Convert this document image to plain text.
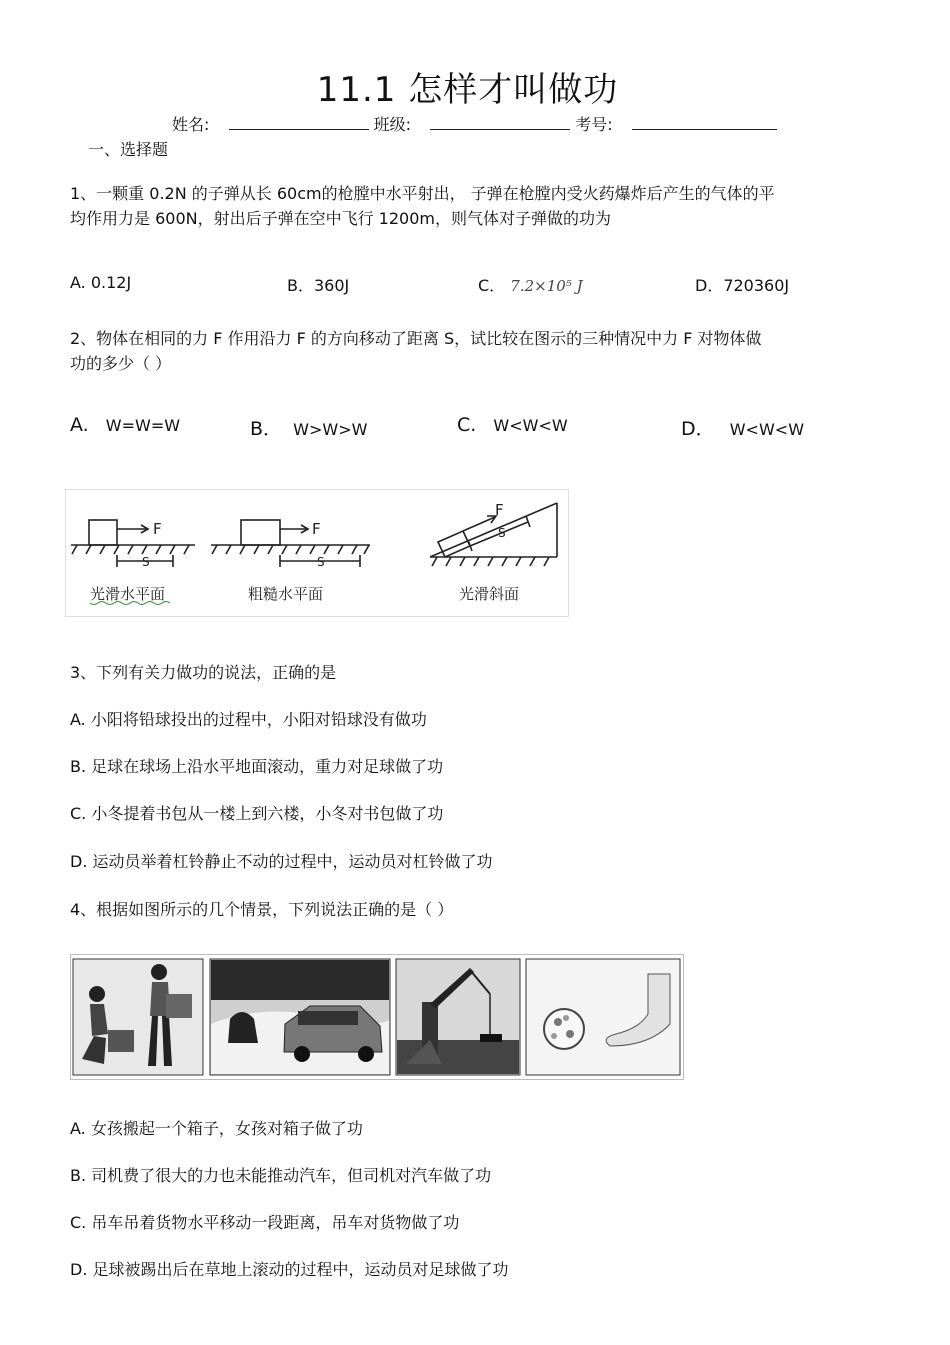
11.1 怎样才叫做功
姓名:	班级:	考号:
一、选择题
1、一颗重 0.2N 的子弹从长 60cm的枪膛中水平射出， 子弹在枪膛内受火药爆炸后产生的气体的平
均作用力是 600N，射出后子弹在空中飞行 1200m，则气体对子弹做的功为
A. 0.12J	B．360J	C． 7.2×10⁵ J	D．720360J
2、物体在相同的力 F 作用沿力 F 的方向移动了距离 S，试比较在图示的三种情况中力 F 对物体做
功的多少（ ）
A. W=W=W	B． W>W>W	C. W<W<W	D． W<W<W
F
S
光滑水平面
F
S
粗糙水平面
F
S
光滑斜面
3、下列有关力做功的说法，正确的是
A. 小阳将铅球投出的过程中，小阳对铅球没有做功
B. 足球在球场上沿水平地面滚动，重力对足球做了功
C. 小冬提着书包从一楼上到六楼，小冬对书包做了功
D. 运动员举着杠铃静止不动的过程中，运动员对杠铃做了功
4、根据如图所示的几个情景，下列说法正确的是（ ）
A. 女孩搬起一个箱子，女孩对箱子做了功
B. 司机费了很大的力也未能推动汽车，但司机对汽车做了功
C. 吊车吊着货物水平移动一段距离，吊车对货物做了功
D. 足球被踢出后在草地上滚动的过程中，运动员对足球做了功
